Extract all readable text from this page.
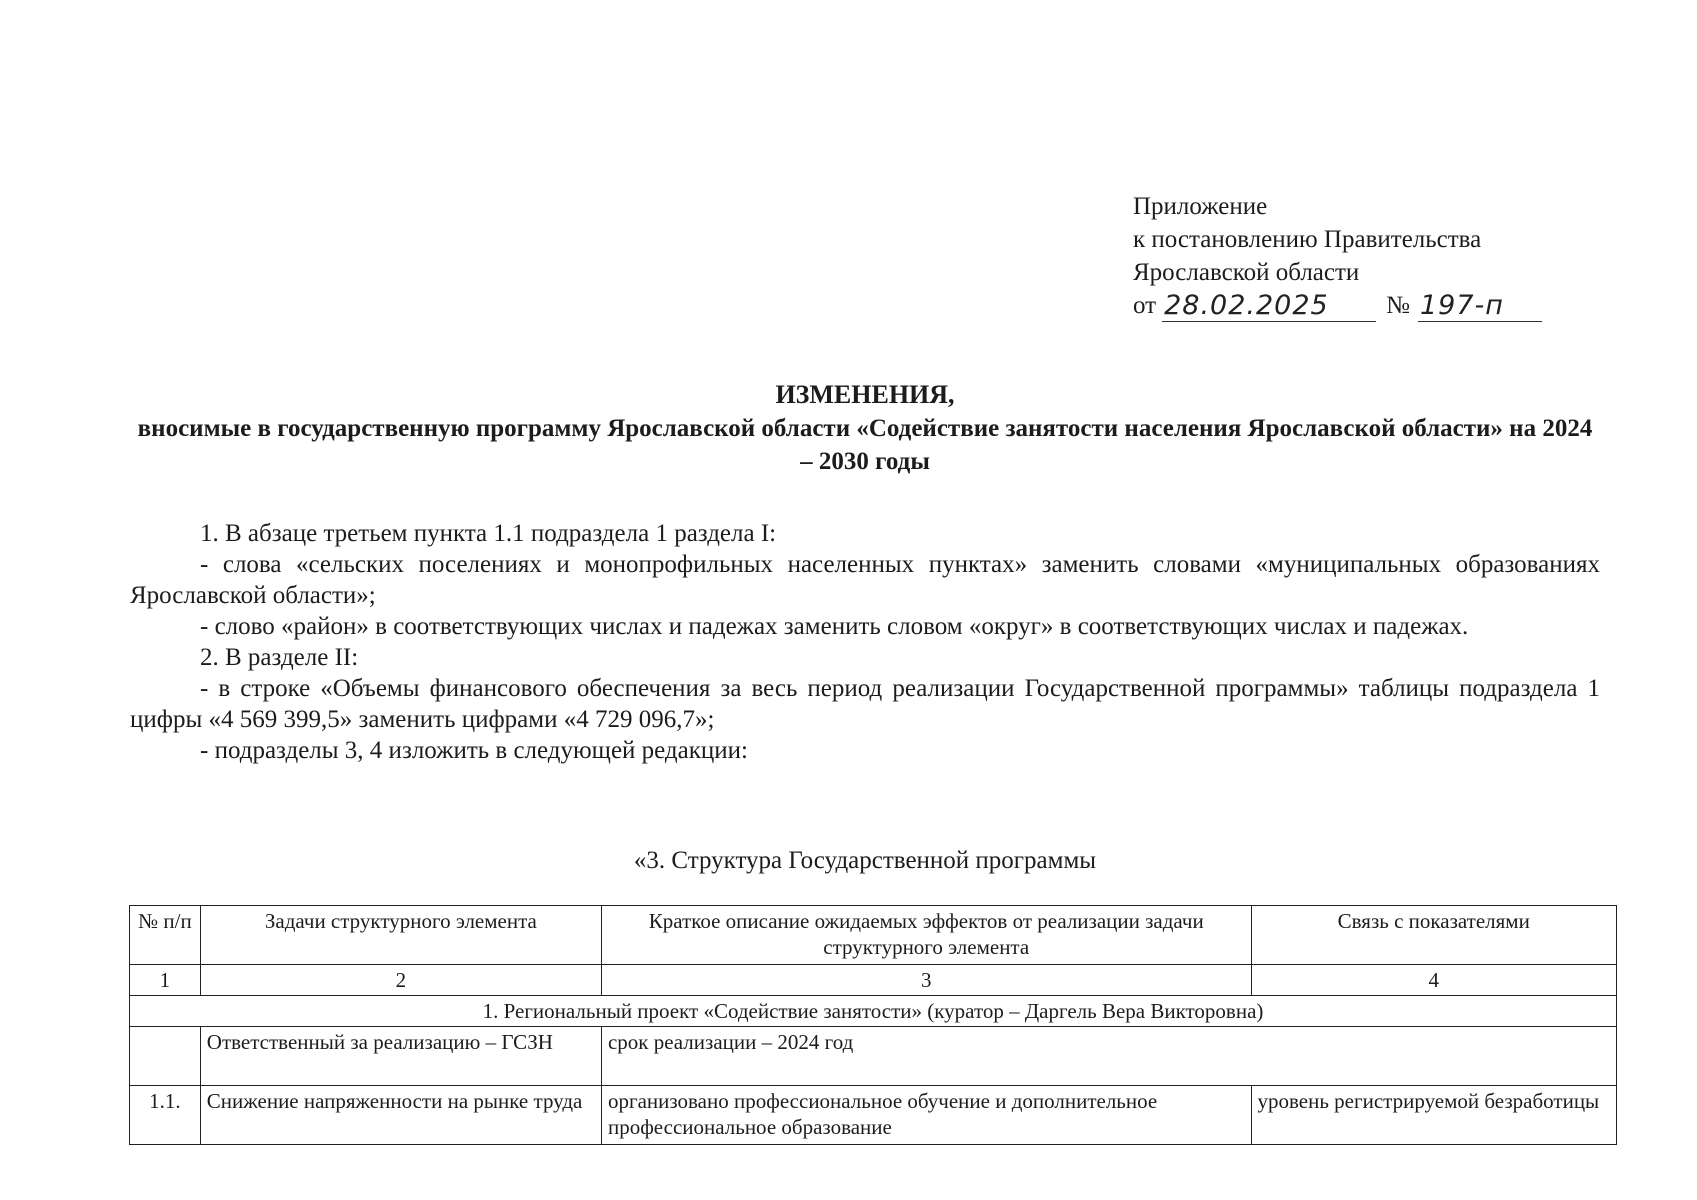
Приложение
к постановлению Правительства
Ярославской области
от 28.02.2025	№ 197-п
ИЗМЕНЕНИЯ,
вносимые в государственную программу Ярославской области «Содействие занятости населения Ярославской области» на 2024 – 2030 годы

1. В абзаце третьем пункта 1.1 подраздела 1 раздела I:

- слова «сельских поселениях и монопрофильных населенных пунктах» заменить словами «муниципальных образованиях Ярославской области»;

- слово «район» в соответствующих числах и падежах заменить словом «округ» в соответствующих числах и падежах.

2. В разделе II:

- в строке «Объемы финансового обеспечения за весь период реализации Государственной программы» таблицы подраздела 1 цифры «4 569 399,5» заменить цифрами «4 729 096,7»;

- подразделы 3, 4 изложить в следующей редакции:

«3. Структура Государственной программы
№ п/п	Задачи структурного элемента	Краткое описание ожидаемых эффектов от реализации задачи структурного элемента	Связь с показателями
1	2	3	4
1. Региональный проект «Содействие занятости» (куратор – Даргель Вера Викторовна)			
	Ответственный за реализацию – ГСЗН	срок реализации – 2024 год	
1.1.	Снижение напряженности на рынке труда	организовано профессиональное обучение и дополнительное профессиональное образование	уровень регистрируемой безработицы
